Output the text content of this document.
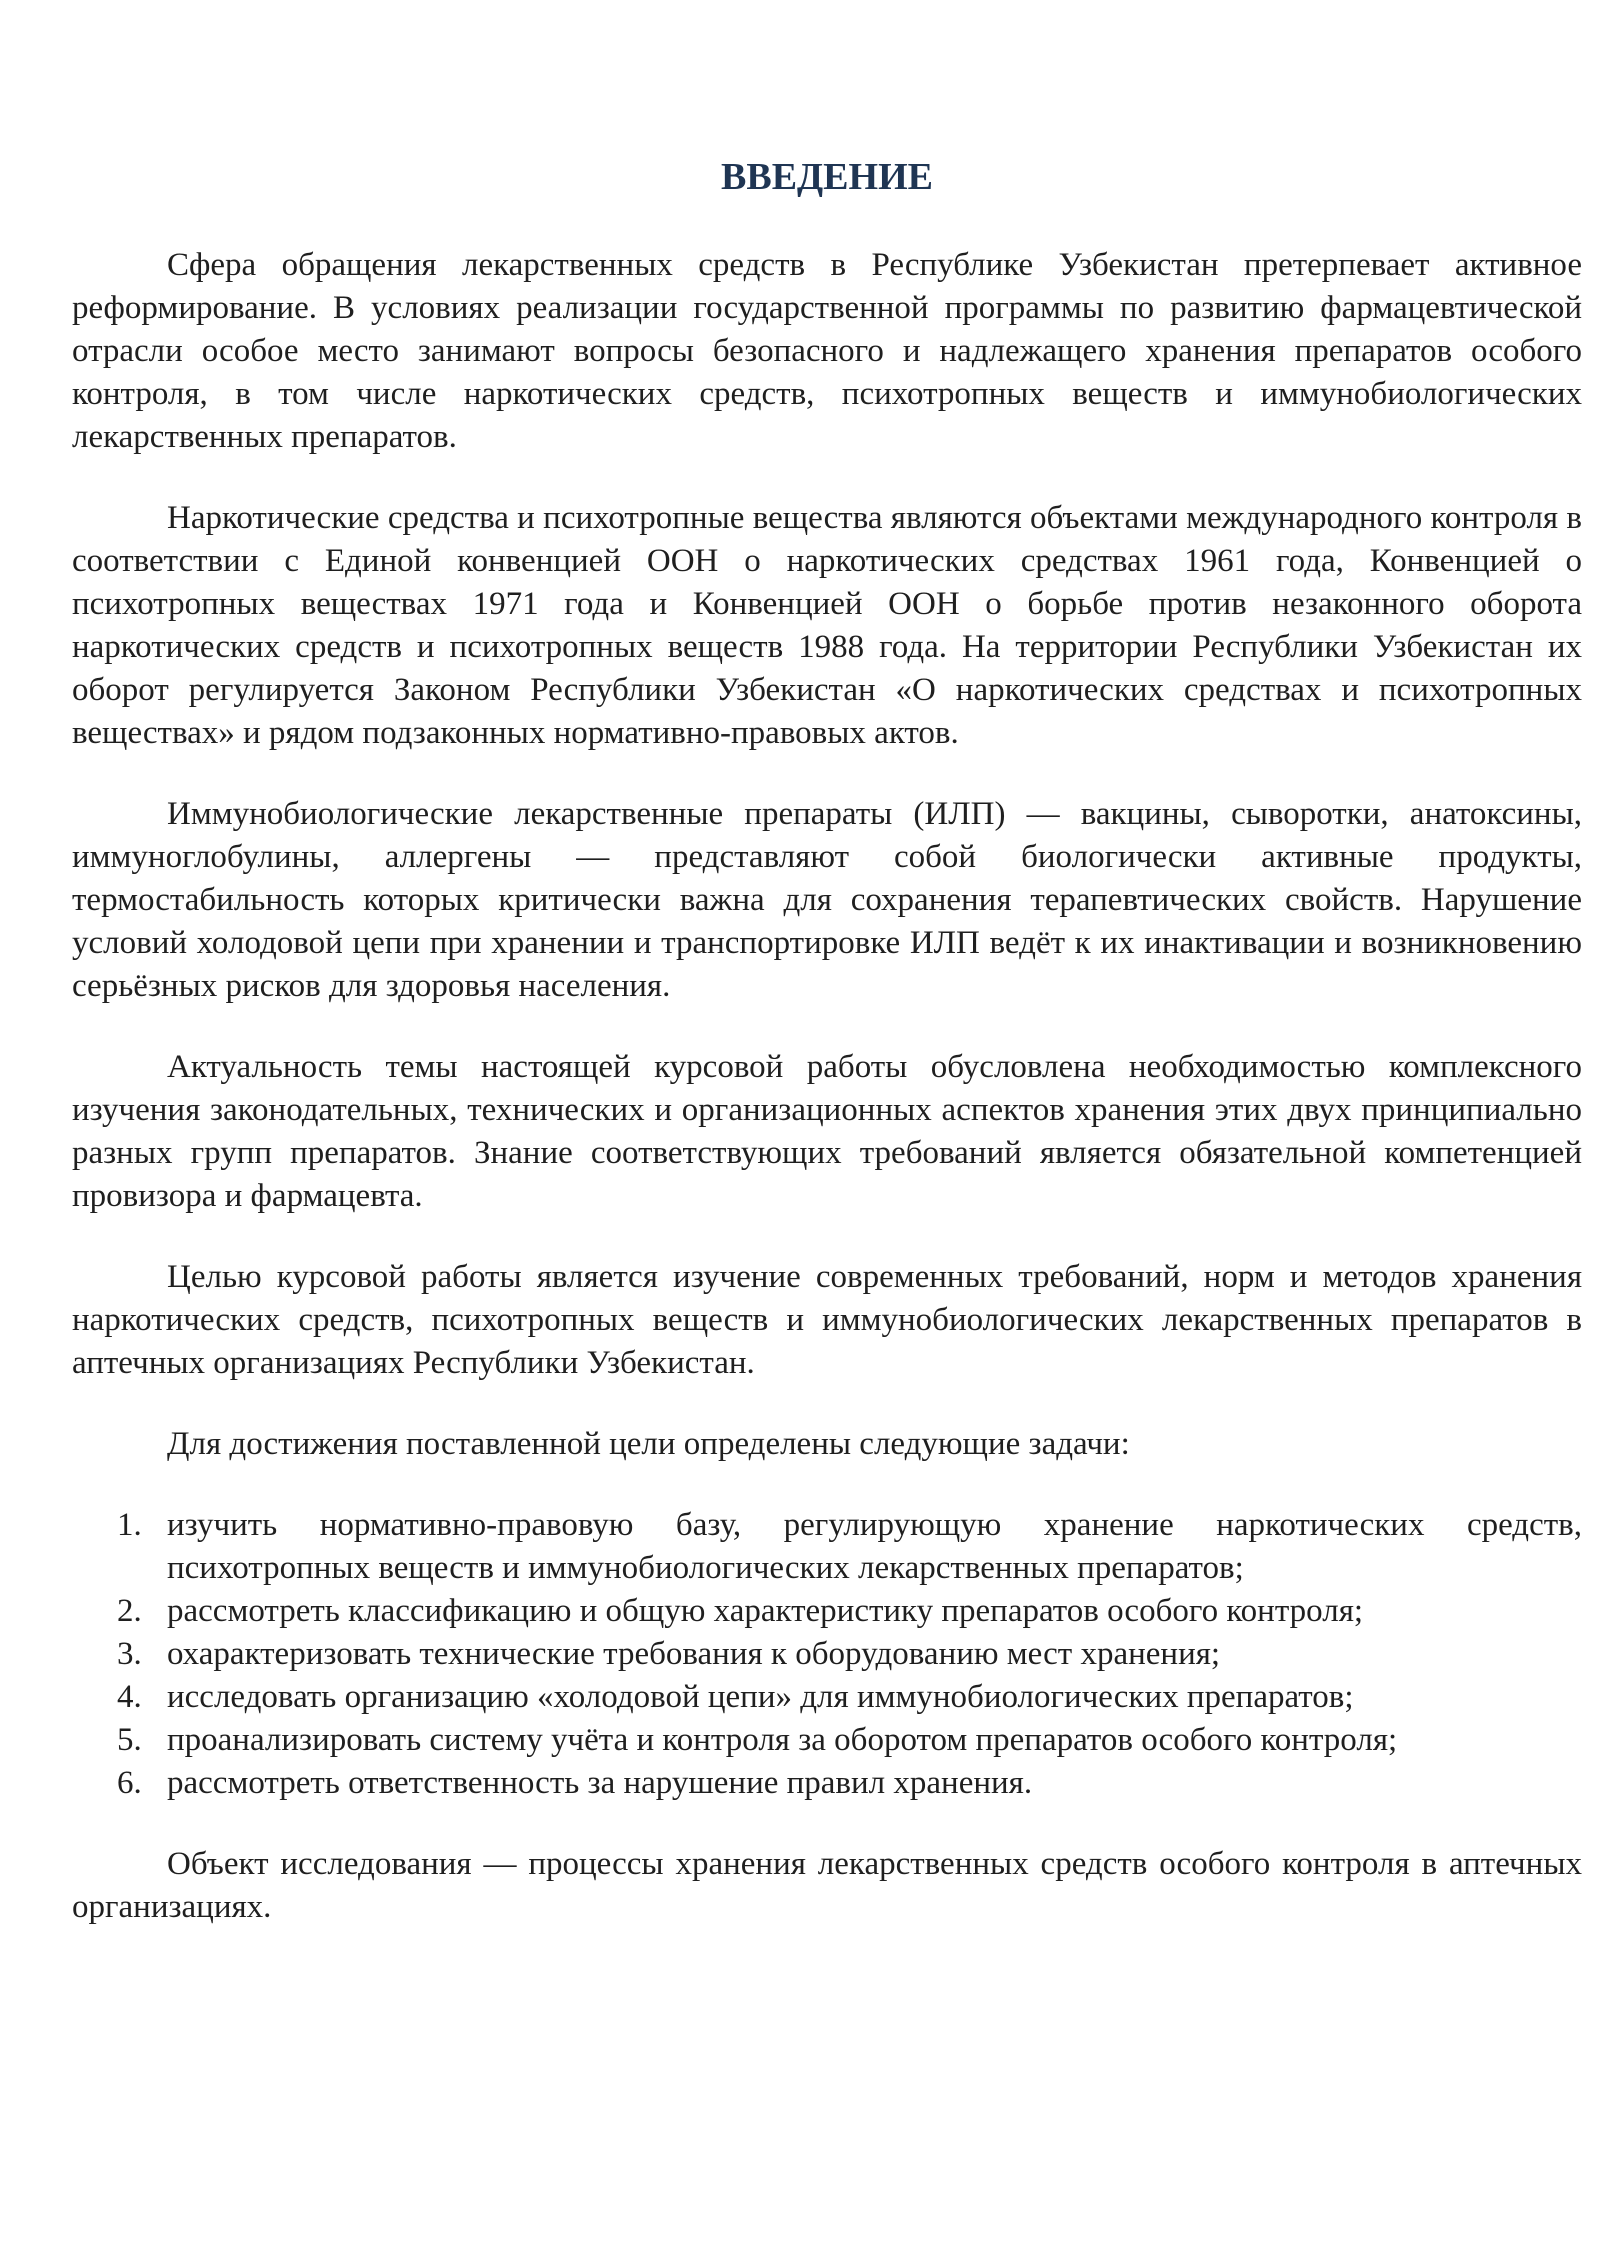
ВВЕДЕНИЕ

Сфера обращения лекарственных средств в Республике Узбекистан претерпевает активное реформирование. В условиях реализации государственной программы по развитию фармацевтической отрасли особое место занимают вопросы безопасного и надлежащего хранения препаратов особого контроля, в том числе наркотических средств, психотропных веществ и иммунобиологических лекарственных препаратов.

Наркотические средства и психотропные вещества являются объектами международного контроля в соответствии с Единой конвенцией ООН о наркотических средствах 1961 года, Конвенцией о психотропных веществах 1971 года и Конвенцией ООН о борьбе против незаконного оборота наркотических средств и психотропных веществ 1988 года. На территории Республики Узбекистан их оборот регулируется Законом Республики Узбекистан «О наркотических средствах и психотропных веществах» и рядом подзаконных нормативно-правовых актов.

Иммунобиологические лекарственные препараты (ИЛП) — вакцины, сыворотки, анатоксины, иммуноглобулины, аллергены — представляют собой биологически активные продукты, термостабильность которых критически важна для сохранения терапевтических свойств. Нарушение условий холодовой цепи при хранении и транспортировке ИЛП ведёт к их инактивации и возникновению серьёзных рисков для здоровья населения.

Актуальность темы настоящей курсовой работы обусловлена необходимостью комплексного изучения законодательных, технических и организационных аспектов хранения этих двух принципиально разных групп препаратов. Знание соответствующих требований является обязательной компетенцией провизора и фармацевта.

Целью курсовой работы является изучение современных требований, норм и методов хранения наркотических средств, психотропных веществ и иммунобиологических лекарственных препаратов в аптечных организациях Республики Узбекистан.

Для достижения поставленной цели определены следующие задачи:

1. изучить нормативно-правовую базу, регулирующую хранение наркотических средств, психотропных веществ и иммунобиологических лекарственных препаратов;
2. рассмотреть классификацию и общую характеристику препаратов особого контроля;
3. охарактеризовать технические требования к оборудованию мест хранения;
4. исследовать организацию «холодовой цепи» для иммунобиологических препаратов;
5. проанализировать систему учёта и контроля за оборотом препаратов особого контроля;
6. рассмотреть ответственность за нарушение правил хранения.

Объект исследования — процессы хранения лекарственных средств особого контроля в аптечных организациях.
